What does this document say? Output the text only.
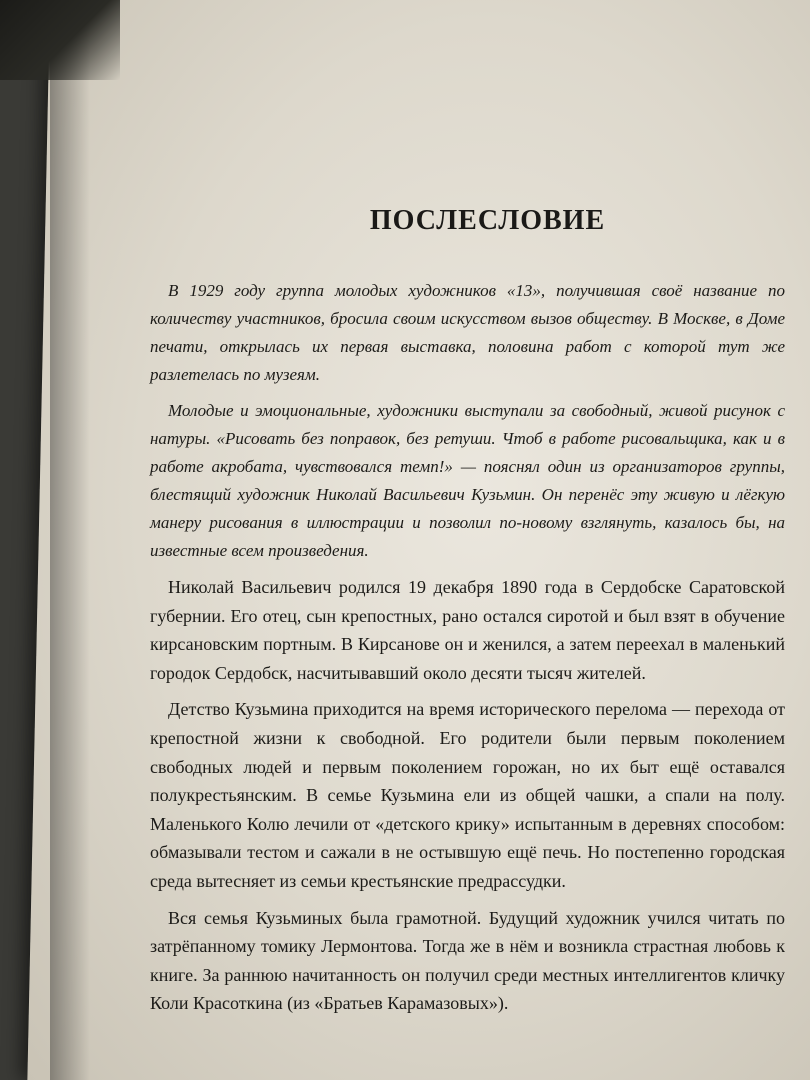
ПОСЛЕСЛОВИЕ

В 1929 году группа молодых художников «13», получившая своё название по количеству участников, бросила своим искусством вызов обществу. В Москве, в Доме печати, открылась их первая выставка, половина работ с которой тут же разлетелась по музеям.

Молодые и эмоциональные, художники выступали за свободный, живой рисунок с натуры. «Рисовать без поправок, без ретуши. Чтоб в работе рисовальщика, как и в работе акробата, чувствовался темп!» — пояснял один из организаторов группы, блестящий художник Николай Васильевич Кузьмин. Он перенёс эту живую и лёгкую манеру рисования в иллюстрации и позволил по-новому взглянуть, казалось бы, на известные всем произведения.

Николай Васильевич родился 19 декабря 1890 года в Сердобске Саратовской губернии. Его отец, сын крепостных, рано остался сиротой и был взят в обучение кирсановским портным. В Кирсанове он и женился, а затем переехал в маленький городок Сердобск, насчитывавший около десяти тысяч жителей.

Детство Кузьмина приходится на время исторического перелома — перехода от крепостной жизни к свободной. Его родители были первым поколением свободных людей и первым поколением горожан, но их быт ещё оставался полукрестьянским. В семье Кузьмина ели из общей чашки, а спали на полу. Маленького Колю лечили от «детского крику» испытанным в деревнях способом: обмазывали тестом и сажали в не остывшую ещё печь. Но постепенно городская среда вытесняет из семьи крестьянские предрассудки.

Вся семья Кузьминых была грамотной. Будущий художник учился читать по затрёпанному томику Лермонтова. Тогда же в нём и возникла страстная любовь к книге. За раннюю начитанность он получил среди местных интеллигентов кличку Коли Красоткина (из «Братьев Карамазовых»).
